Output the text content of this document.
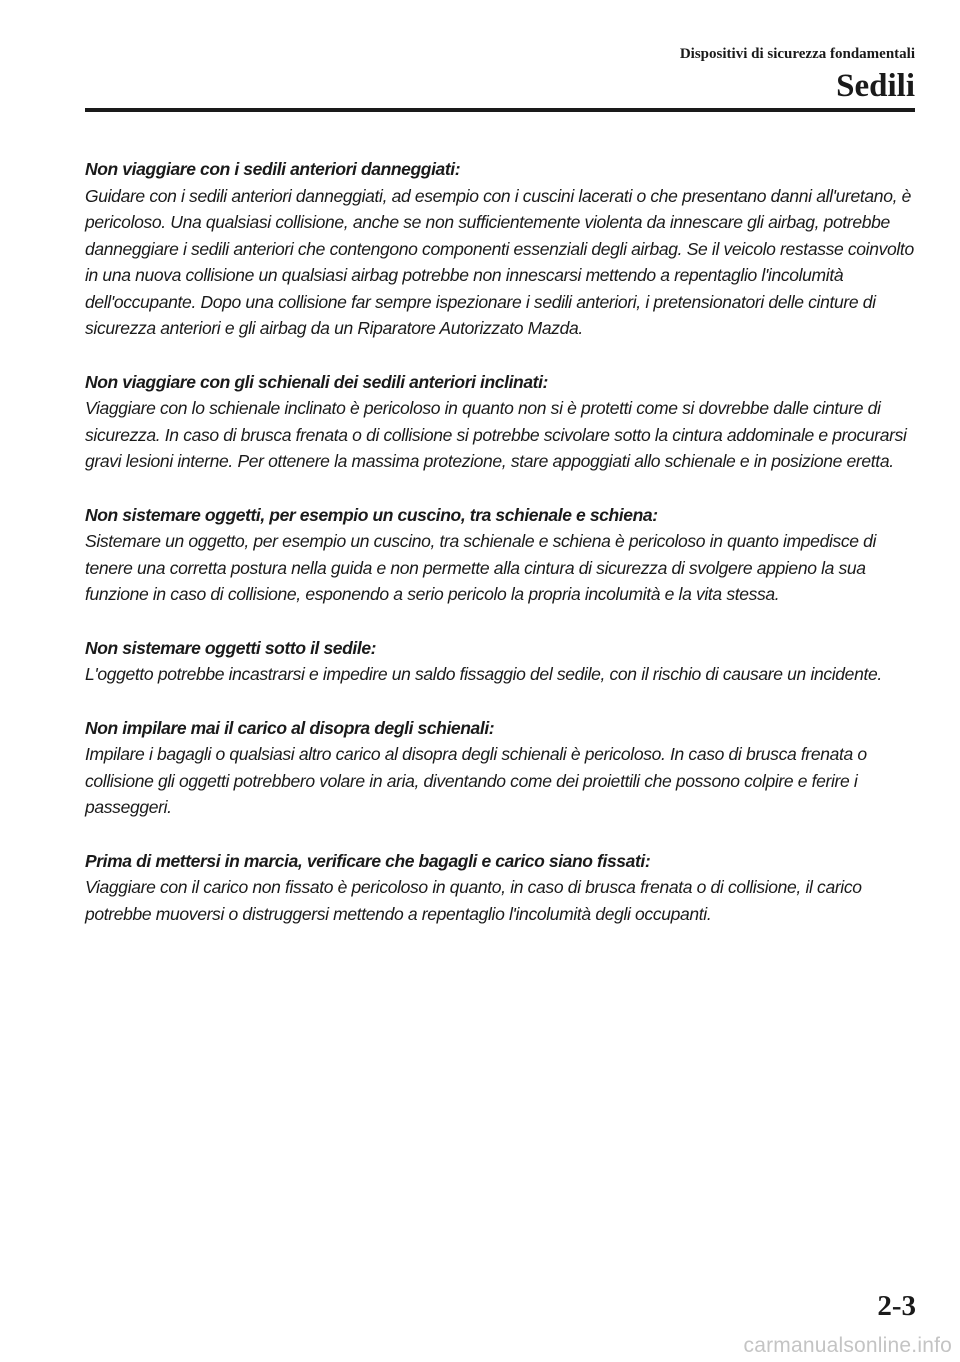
Dispositivi di sicurezza fondamentali
Sedili
Non viaggiare con i sedili anteriori danneggiati:
Guidare con i sedili anteriori danneggiati, ad esempio con i cuscini lacerati o che presentano danni all'uretano, è pericoloso. Una qualsiasi collisione, anche se non sufficientemente violenta da innescare gli airbag, potrebbe danneggiare i sedili anteriori che contengono componenti essenziali degli airbag. Se il veicolo restasse coinvolto in una nuova collisione un qualsiasi airbag potrebbe non innescarsi mettendo a repentaglio l'incolumità dell'occupante. Dopo una collisione far sempre ispezionare i sedili anteriori, i pretensionatori delle cinture di sicurezza anteriori e gli airbag da un Riparatore Autorizzato Mazda.
Non viaggiare con gli schienali dei sedili anteriori inclinati:
Viaggiare con lo schienale inclinato è pericoloso in quanto non si è protetti come si dovrebbe dalle cinture di sicurezza. In caso di brusca frenata o di collisione si potrebbe scivolare sotto la cintura addominale e procurarsi gravi lesioni interne. Per ottenere la massima protezione, stare appoggiati allo schienale e in posizione eretta.
Non sistemare oggetti, per esempio un cuscino, tra schienale e schiena:
Sistemare un oggetto, per esempio un cuscino, tra schienale e schiena è pericoloso in quanto impedisce di tenere una corretta postura nella guida e non permette alla cintura di sicurezza di svolgere appieno la sua funzione in caso di collisione, esponendo a serio pericolo la propria incolumità e la vita stessa.
Non sistemare oggetti sotto il sedile:
L'oggetto potrebbe incastrarsi e impedire un saldo fissaggio del sedile, con il rischio di causare un incidente.
Non impilare mai il carico al disopra degli schienali:
Impilare i bagagli o qualsiasi altro carico al disopra degli schienali è pericoloso. In caso di brusca frenata o collisione gli oggetti potrebbero volare in aria, diventando come dei proiettili che possono colpire e ferire i passeggeri.
Prima di mettersi in marcia, verificare che bagagli e carico siano fissati:
Viaggiare con il carico non fissato è pericoloso in quanto, in caso di brusca frenata o di collisione, il carico potrebbe muoversi o distruggersi mettendo a repentaglio l'incolumità degli occupanti.
2-3
carmanualsonline.info
